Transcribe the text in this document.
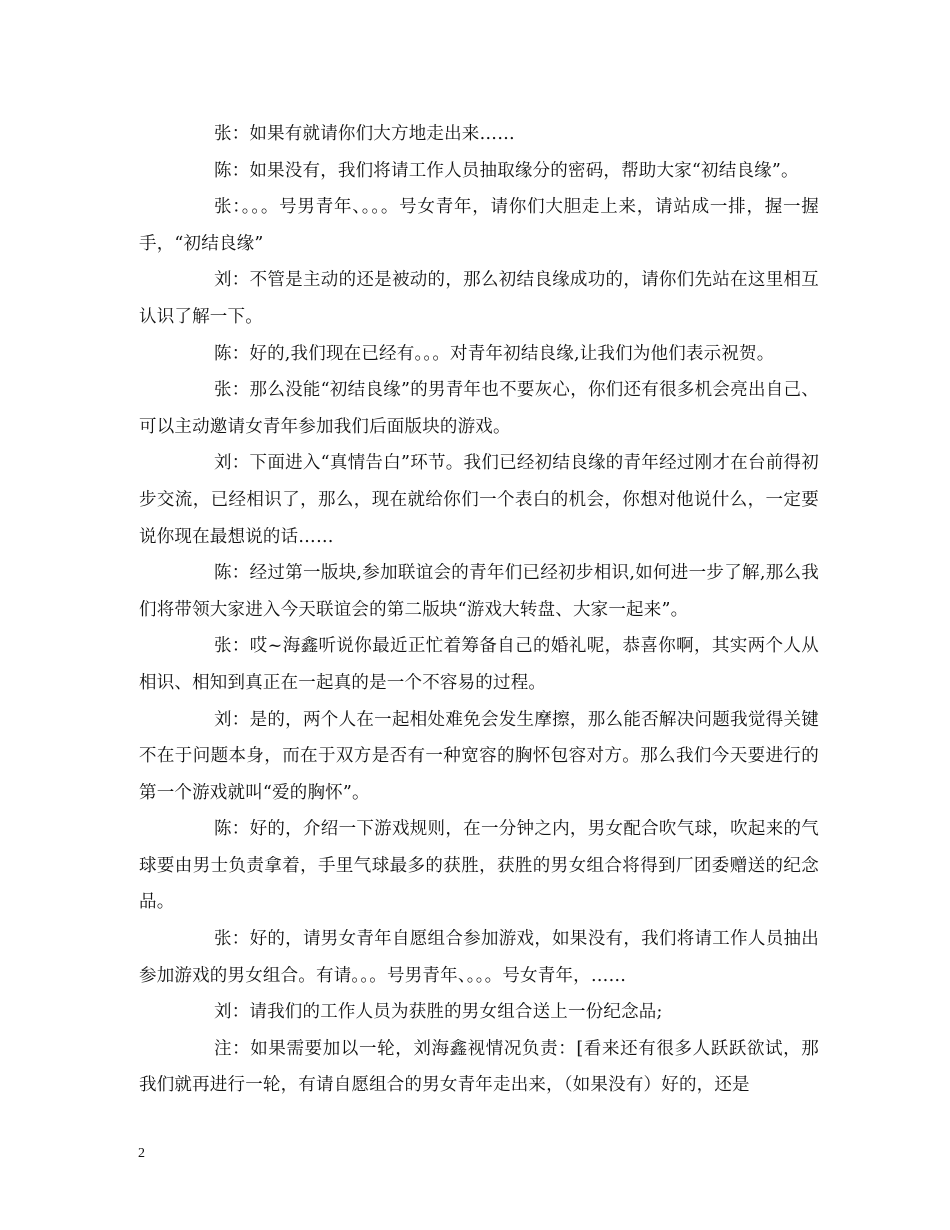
张：如果有就请你们大方地走出来……

陈：如果没有，我们将请工作人员抽取缘分的密码，帮助大家“初结良缘”。

张：。。。号男青年、。。。号女青年，请你们大胆走上来，请站成一排，握一握手，“初结良缘”

刘：不管是主动的还是被动的，那么初结良缘成功的，请你们先站在这里相互认识了解一下。

陈：好的,我们现在已经有。。。对青年初结良缘,让我们为他们表示祝贺。

张：那么没能“初结良缘”的男青年也不要灰心，你们还有很多机会亮出自己、可以主动邀请女青年参加我们后面版块的游戏。

刘：下面进入“真情告白”环节。我们已经初结良缘的青年经过刚才在台前得初步交流，已经相识了，那么，现在就给你们一个表白的机会，你想对他说什么，一定要说你现在最想说的话……

陈：经过第一版块,参加联谊会的青年们已经初步相识,如何进一步了解,那么我们将带领大家进入今天联谊会的第二版块“游戏大转盘、大家一起来”。

张：哎~海鑫听说你最近正忙着筹备自己的婚礼呢，恭喜你啊，其实两个人从相识、相知到真正在一起真的是一个不容易的过程。

刘：是的，两个人在一起相处难免会发生摩擦，那么能否解决问题我觉得关键不在于问题本身，而在于双方是否有一种宽容的胸怀包容对方。那么我们今天要进行的第一个游戏就叫“爱的胸怀”。

陈：好的，介绍一下游戏规则，在一分钟之内，男女配合吹气球，吹起来的气球要由男士负责拿着，手里气球最多的获胜，获胜的男女组合将得到厂团委赠送的纪念品。

张：好的，请男女青年自愿组合参加游戏，如果没有，我们将请工作人员抽出参加游戏的男女组合。有请。。。号男青年、。。。号女青年，……

刘：请我们的工作人员为获胜的男女组合送上一份纪念品;

注：如果需要加以一轮，刘海鑫视情况负责：[看来还有很多人跃跃欲试，那我们就再进行一轮，有请自愿组合的男女青年走出来，（如果没有）好的，还是

2
